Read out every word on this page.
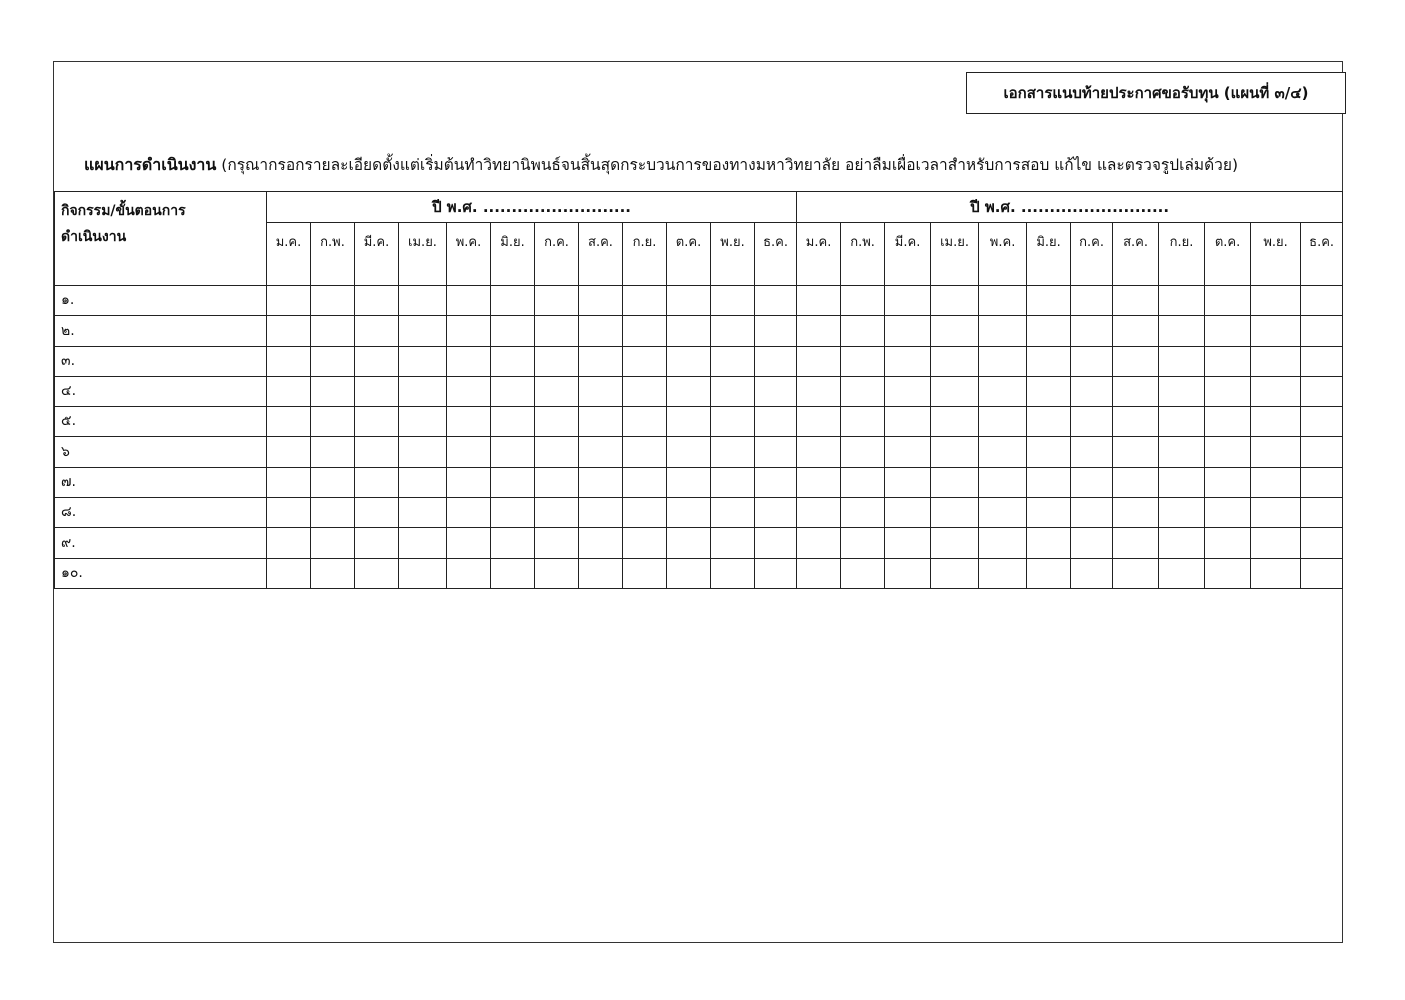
เอกสารแนบท้ายประกาศขอรับทุน (แผนที่ ๓/๔)
แผนการดำเนินงาน (กรุณากรอกรายละเอียดตั้งแต่เริ่มต้นทำวิทยานิพนธ์จนสิ้นสุดกระบวนการของทางมหาวิทยาลัย อย่าลืมเผื่อเวลาสำหรับการสอบ แก้ไข และตรวจรูปเล่มด้วย)
กิจกรรม/ขั้นตอนการ
ดำเนินงาน	ปี พ.ศ. ..........................												ปี พ.ศ. ..........................											
	ม.ค.	ก.พ.	มี.ค.	เม.ย.	พ.ค.	มิ.ย.	ก.ค.	ส.ค.	ก.ย.	ต.ค.	พ.ย.	ธ.ค.	ม.ค.	ก.พ.	มี.ค.	เม.ย.	พ.ค.	มิ.ย.	ก.ค.	ส.ค.	ก.ย.	ต.ค.	พ.ย.	ธ.ค.
๑.																								
๒.																								
๓.																								
๔.																								
๕.																								
๖																								
๗.																								
๘.																								
๙.																								
๑๐.																								
